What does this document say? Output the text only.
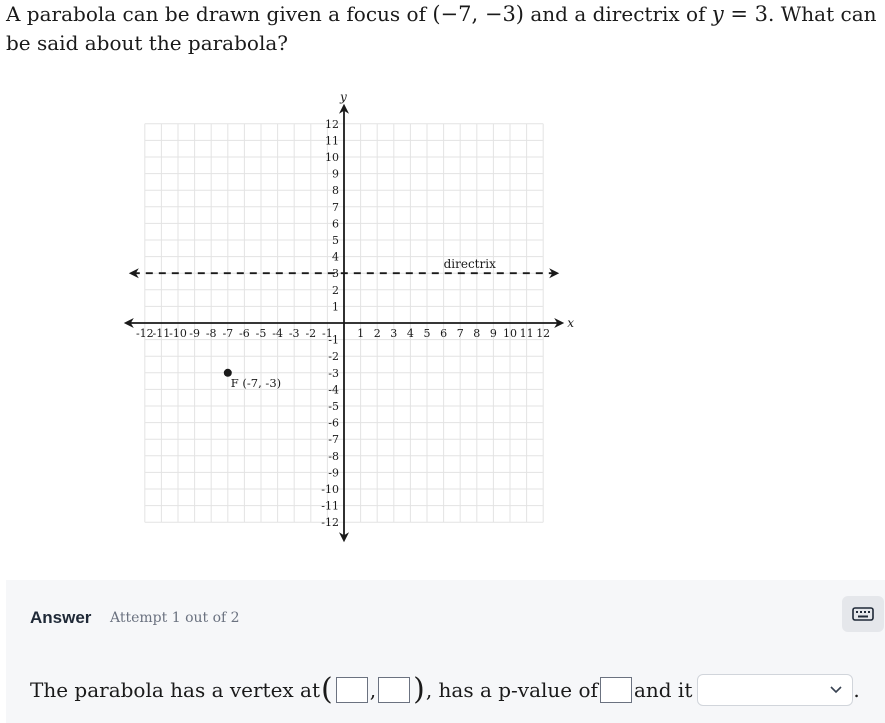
A parabola can be drawn given a focus of (−7, −3) and a directrix of y = 3. What can be said about the parabola?
x
y
-12
-11
-10 -9 -8 -7 -6 -5 -4 -3 -2 -1 1 2 3 4 5 6 7 8 9 10 11 12
12
11
10
9
8
7
6
5
4
3
2
1
-1
-2
-3
-4
-5
-6
-7
-8
-9
-10
-11
-12
directrix
F (-7, -3)
Answer Attempt 1 out of 2
The parabola has a vertex at ( , ) , has a p-value of and it	.
